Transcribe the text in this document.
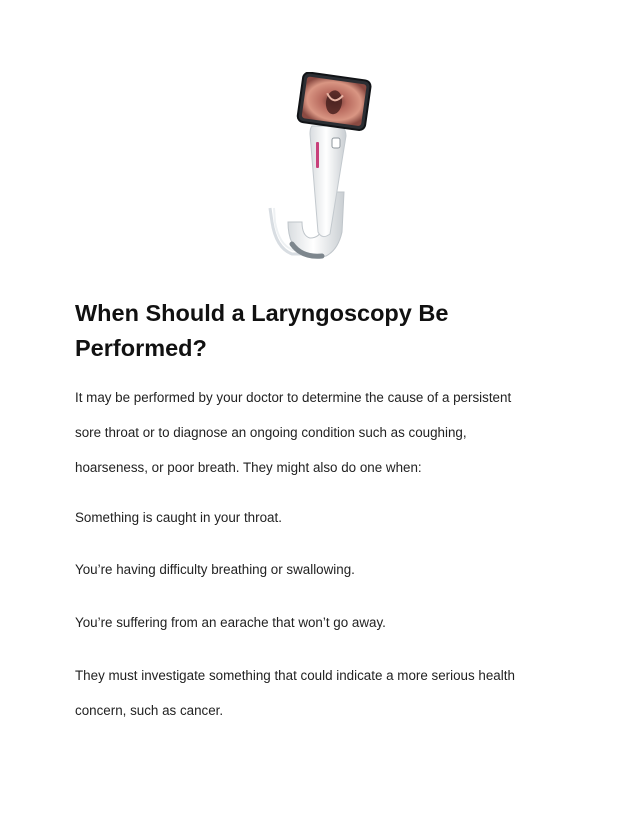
When Should a Laryngoscopy Be
Performed?

It may be performed by your doctor to determine the cause of a persistent

sore throat or to diagnose an ongoing condition such as coughing,

hoarseness, or poor breath. They might also do one when:

Something is caught in your throat.

You’re having difficulty breathing or swallowing.

You’re suffering from an earache that won’t go away.

They must investigate something that could indicate a more serious health

concern, such as cancer.
